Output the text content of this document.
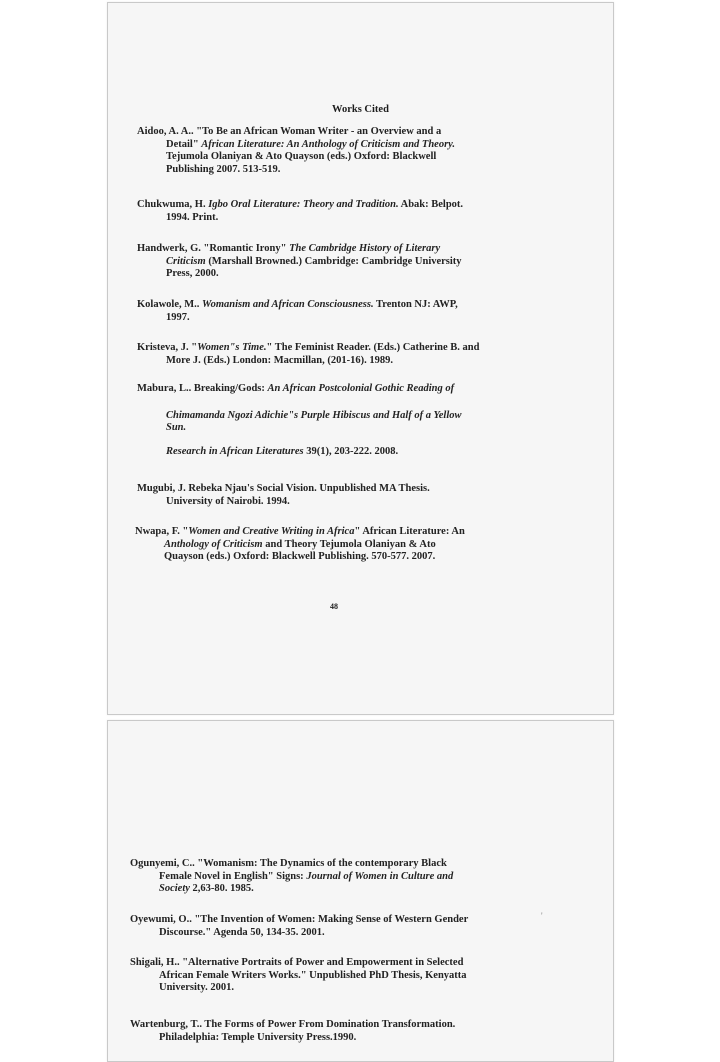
Works Cited
Aidoo, A. A.. "To Be an African Woman Writer - an Overview and a
Detail" African Literature: An Anthology of Criticism and Theory.
Tejumola Olaniyan & Ato Quayson (eds.) Oxford: Blackwell
Publishing 2007. 513-519.
Chukwuma, H. Igbo Oral Literature: Theory and Tradition. Abak: Belpot.
1994. Print.
Handwerk, G. "Romantic Irony" The Cambridge History of Literary
Criticism (Marshall Browned.) Cambridge: Cambridge University
Press, 2000.
Kolawole, M.. Womanism and African Consciousness. Trenton NJ: AWP,
1997.
Kristeva, J. "Women"s Time." The Feminist Reader. (Eds.) Catherine B. and
More J. (Eds.) London: Macmillan, (201-16). 1989.
Mabura, L.. Breaking/Gods: An African Postcolonial Gothic Reading of
Chimamanda Ngozi Adichie"s Purple Hibiscus and Half of a Yellow
Sun.
Research in African Literatures 39(1), 203-222. 2008.
Mugubi, J. Rebeka Njau's Social Vision. Unpublished MA Thesis.
University of Nairobi. 1994.
Nwapa, F. "Women and Creative Writing in Africa" African Literature: An
Anthology of Criticism and Theory Tejumola Olaniyan & Ato
Quayson (eds.) Oxford: Blackwell Publishing. 570-577. 2007.
48
'
Ogunyemi, C.. "Womanism: The Dynamics of the contemporary Black
Female Novel in English" Signs: Journal of Women in Culture and
Society 2,63-80. 1985.
Oyewumi, O.. "The Invention of Women: Making Sense of Western Gender
Discourse." Agenda 50, 134-35. 2001.
Shigali, H.. "Alternative Portraits of Power and Empowerment in Selected
African Female Writers Works." Unpublished PhD Thesis, Kenyatta
University. 2001.
Wartenburg, T.. The Forms of Power From Domination Transformation.
Philadelphia: Temple University Press.1990.
